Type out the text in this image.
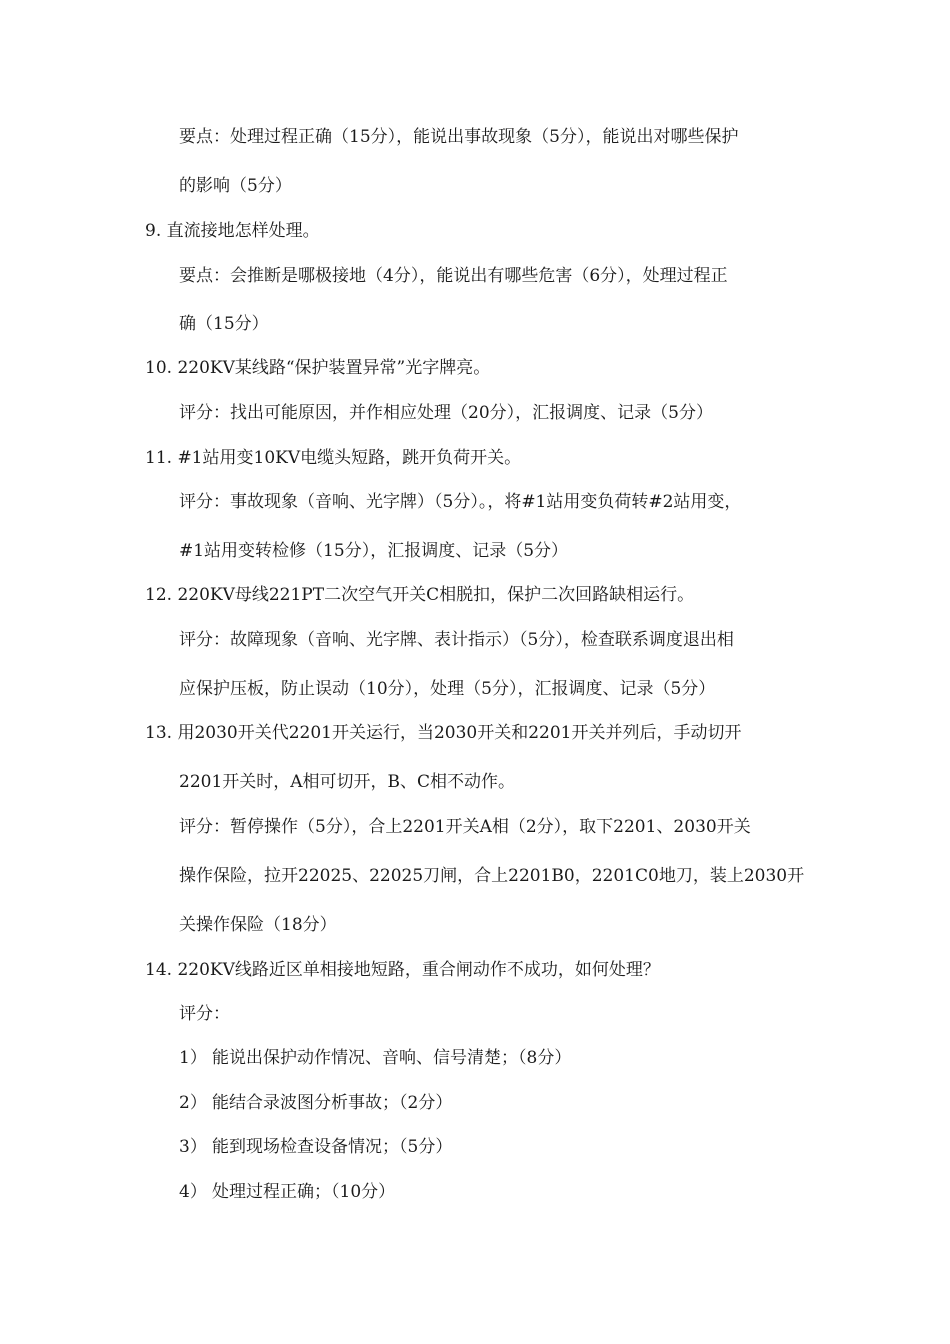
要点：处理过程正确（15分），能说出事故现象（5分），能说出对哪些保护
的影响（5分）
9. 直流接地怎样处理。
要点：会推断是哪极接地（4分），能说出有哪些危害（6分），处理过程正
确（15分）
10. 220KV某线路“保护装置异常”光字牌亮。
评分：找出可能原因，并作相应处理（20分），汇报调度、记录（5分）
11. #1站用变10KV电缆头短路，跳开负荷开关。
评分：事故现象（音响、光字牌）（5分）。，将#1站用变负荷转#2站用变，
#1站用变转检修（15分），汇报调度、记录（5分）
12. 220KV母线221PT二次空气开关C相脱扣，保护二次回路缺相运行。
评分：故障现象（音响、光字牌、表计指示）（5分），检查联系调度退出相
应保护压板，防止误动（10分），处理（5分），汇报调度、记录（5分）
13. 用2030开关代2201开关运行，当2030开关和2201开关并列后，手动切开
2201开关时，A相可切开，B、C相不动作。
评分：暂停操作（5分），合上2201开关A相（2分），取下2201、2030开关
操作保险，拉开22025、22025刀闸，合上2201B0，2201C0地刀，装上2030开
关操作保险（18分）
14. 220KV线路近区单相接地短路，重合闸动作不成功，如何处理？
评分：
1） 能说出保护动作情况、音响、信号清楚；（8分）
2） 能结合录波图分析事故；（2分）
3） 能到现场检查设备情况；（5分）
4） 处理过程正确；（10分）
